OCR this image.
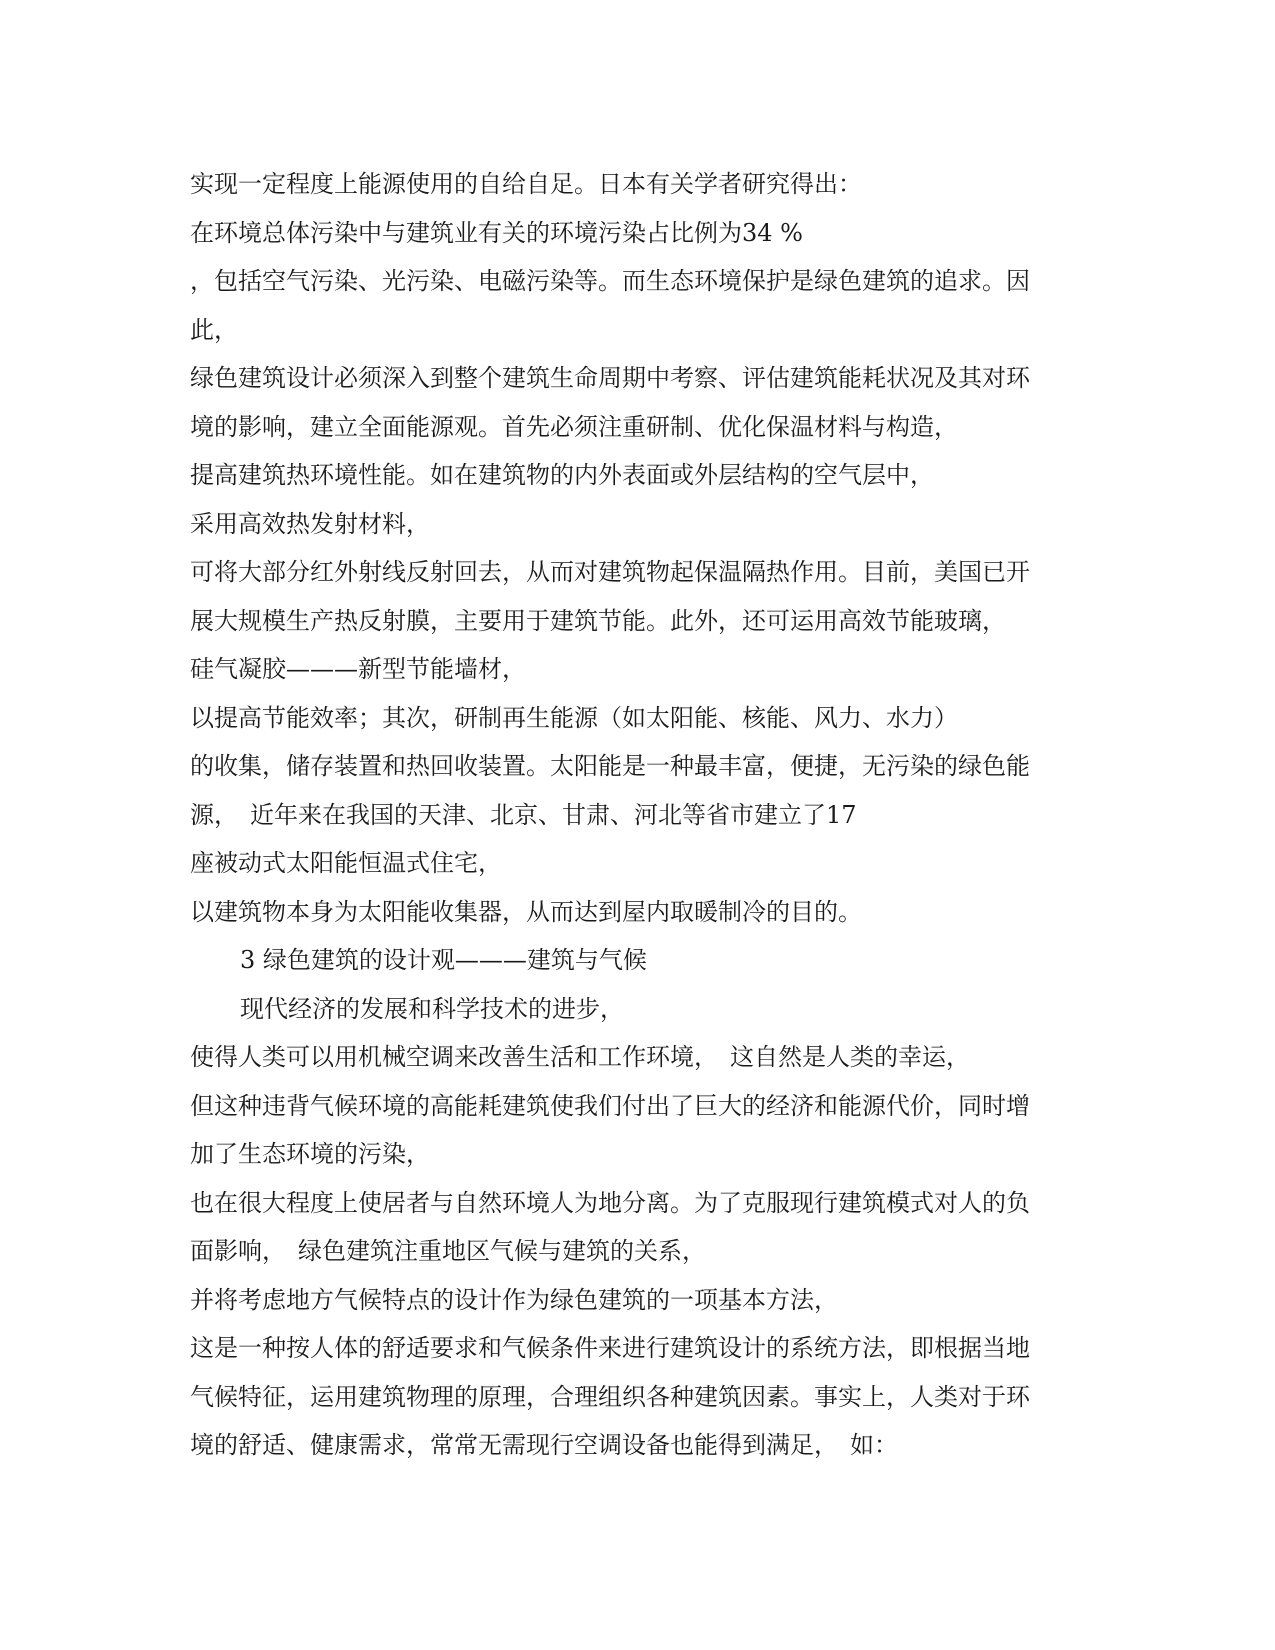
实现一定程度上能源使用的自给自足。日本有关学者研究得出：
在环境总体污染中与建筑业有关的环境污染占比例为34 %
，包括空气污染、光污染、电磁污染等。而生态环境保护是绿色建筑的追求。因
此，
绿色建筑设计必须深入到整个建筑生命周期中考察、评估建筑能耗状况及其对环
境的影响，建立全面能源观。首先必须注重研制、优化保温材料与构造，
提高建筑热环境性能。如在建筑物的内外表面或外层结构的空气层中，
采用高效热发射材料，
可将大部分红外射线反射回去，从而对建筑物起保温隔热作用。目前，美国已开
展大规模生产热反射膜，主要用于建筑节能。此外，还可运用高效节能玻璃，
硅气凝胶———新型节能墙材，
以提高节能效率；其次，研制再生能源（如太阳能、核能、风力、水力）
的收集，储存装置和热回收装置。太阳能是一种最丰富，便捷，无污染的绿色能
源，　近年来在我国的天津、北京、甘肃、河北等省市建立了17
座被动式太阳能恒温式住宅，
以建筑物本身为太阳能收集器，从而达到屋内取暖制冷的目的。
3 绿色建筑的设计观———建筑与气候
现代经济的发展和科学技术的进步，
使得人类可以用机械空调来改善生活和工作环境，　这自然是人类的幸运，
但这种违背气候环境的高能耗建筑使我们付出了巨大的经济和能源代价，同时增
加了生态环境的污染，
也在很大程度上使居者与自然环境人为地分离。为了克服现行建筑模式对人的负
面影响，　绿色建筑注重地区气候与建筑的关系，
并将考虑地方气候特点的设计作为绿色建筑的一项基本方法，
这是一种按人体的舒适要求和气候条件来进行建筑设计的系统方法，即根据当地
气候特征，运用建筑物理的原理，合理组织各种建筑因素。事实上，人类对于环
境的舒适、健康需求，常常无需现行空调设备也能得到满足，　如：
